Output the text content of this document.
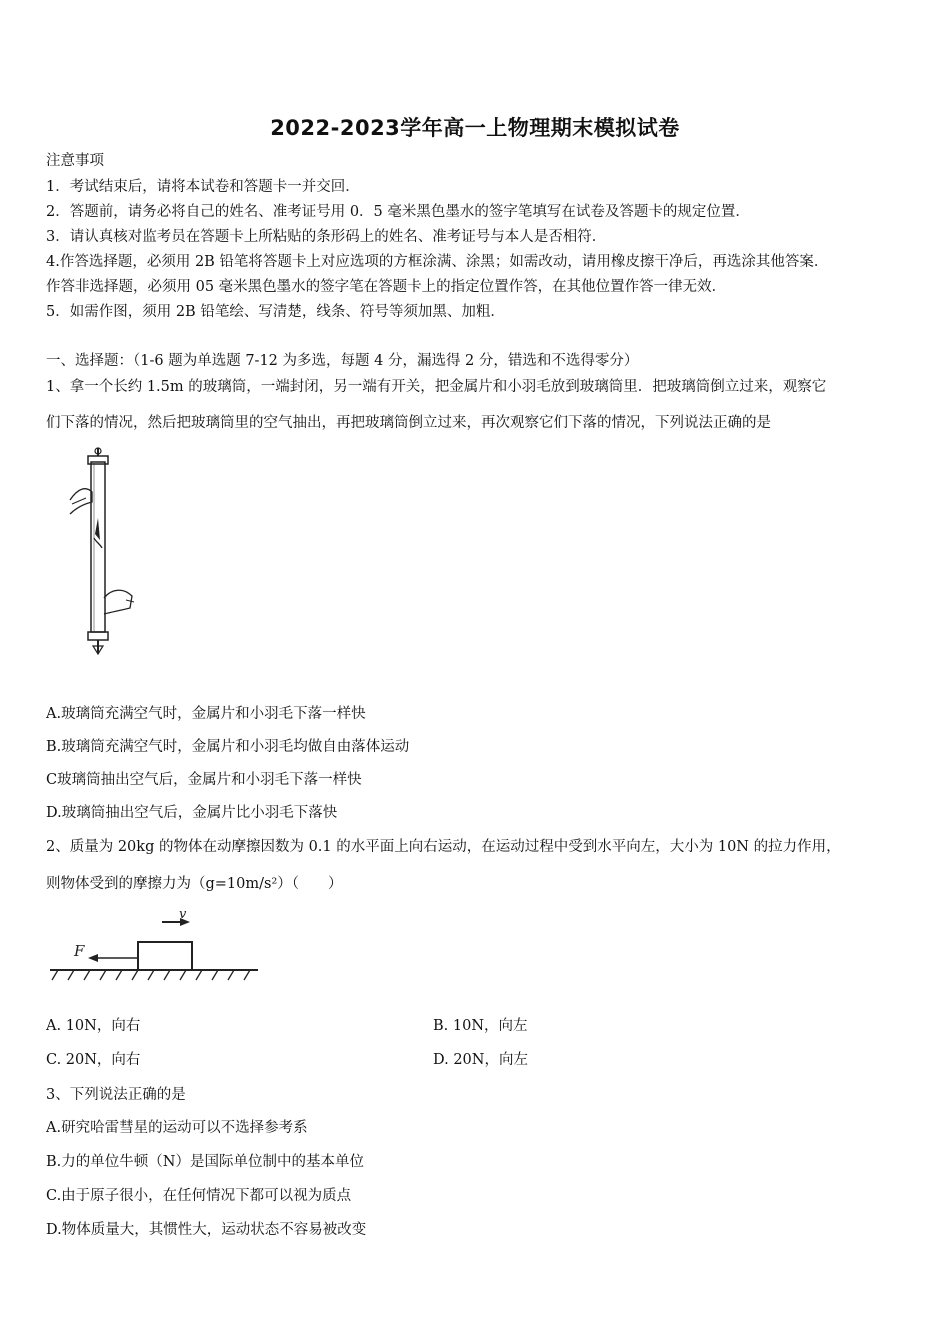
2022-2023学年高一上物理期末模拟试卷
注意事项
1．考试结束后，请将本试卷和答题卡一并交回．
2．答题前，请务必将自己的姓名、准考证号用 0．5 毫米黑色墨水的签字笔填写在试卷及答题卡的规定位置．
3．请认真核对监考员在答题卡上所粘贴的条形码上的姓名、准考证号与本人是否相符．
4.作答选择题，必须用 2B 铅笔将答题卡上对应选项的方框涂满、涂黑；如需改动，请用橡皮擦干净后，再选涂其他答案．
作答非选择题，必须用 05 毫米黑色墨水的签字笔在答题卡上的指定位置作答，在其他位置作答一律无效．
5．如需作图，须用 2B 铅笔绘、写清楚，线条、符号等须加黑、加粗．
一、选择题：（1-6 题为单选题 7-12 为多选，每题 4 分，漏选得 2 分，错选和不选得零分）
1、拿一个长约 1.5m 的玻璃筒，一端封闭，另一端有开关，把金属片和小羽毛放到玻璃筒里．把玻璃筒倒立过来，观察它
们下落的情况，然后把玻璃筒里的空气抽出，再把玻璃筒倒立过来，再次观察它们下落的情况，下列说法正确的是
A.玻璃筒充满空气时，金属片和小羽毛下落一样快
B.玻璃筒充满空气时，金属片和小羽毛均做自由落体运动
C玻璃筒抽出空气后，金属片和小羽毛下落一样快
D.玻璃筒抽出空气后，金属片比小羽毛下落快
2、质量为 20kg 的物体在动摩擦因数为 0.1 的水平面上向右运动，在运动过程中受到水平向左，大小为 10N 的拉力作用，
则物体受到的摩擦力为（g=10m/s²）（　　）
v
F
A. 10N，向右	B. 10N，向左
C. 20N，向右	D. 20N，向左
3、下列说法正确的是
A.研究哈雷彗星的运动可以不选择参考系
B.力的单位牛顿（N）是国际单位制中的基本单位
C.由于原子很小，在任何情况下都可以视为质点
D.物体质量大，其惯性大，运动状态不容易被改变
